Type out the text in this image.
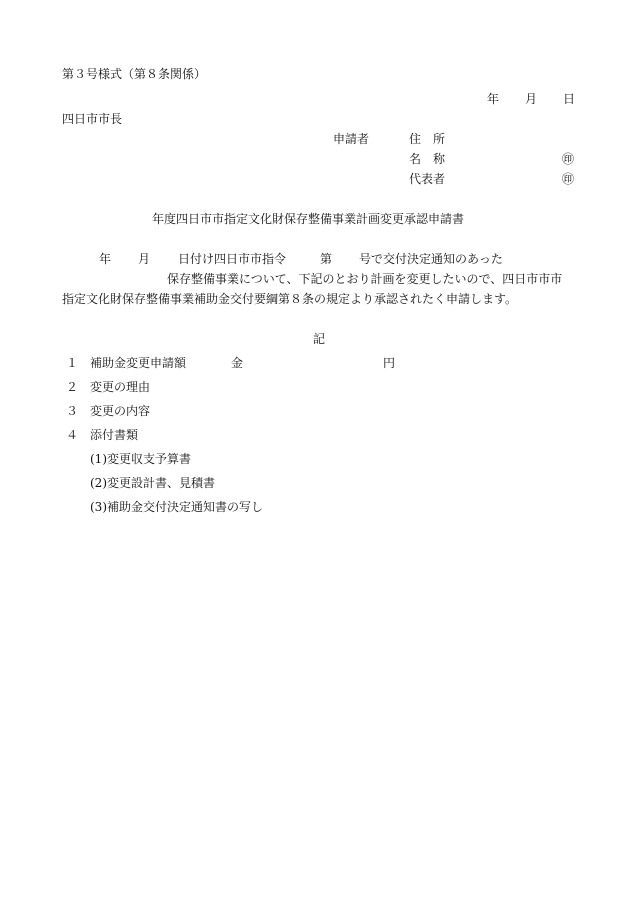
第３号様式（第８条関係）
年 月 日
四日市市長
申請者	住　所
名　称	㊞
代表者	㊞
年度四日市市指定文化財保存整備事業計画変更承認申請書
年 月 日付け四日市市指令	第 号で交付決定通知のあった
保存整備事業について、下記のとおり計画を変更したいので、四日市市市
指定文化財保存整備事業補助金交付要綱第８条の規定より承認されたく申請します。
記
１ 補助金変更申請額	金	円
２ 変更の理由
３ 変更の内容
４ 添付書類
(1)変更収支予算書
(2)変更設計書、見積書
(3)補助金交付決定通知書の写し
